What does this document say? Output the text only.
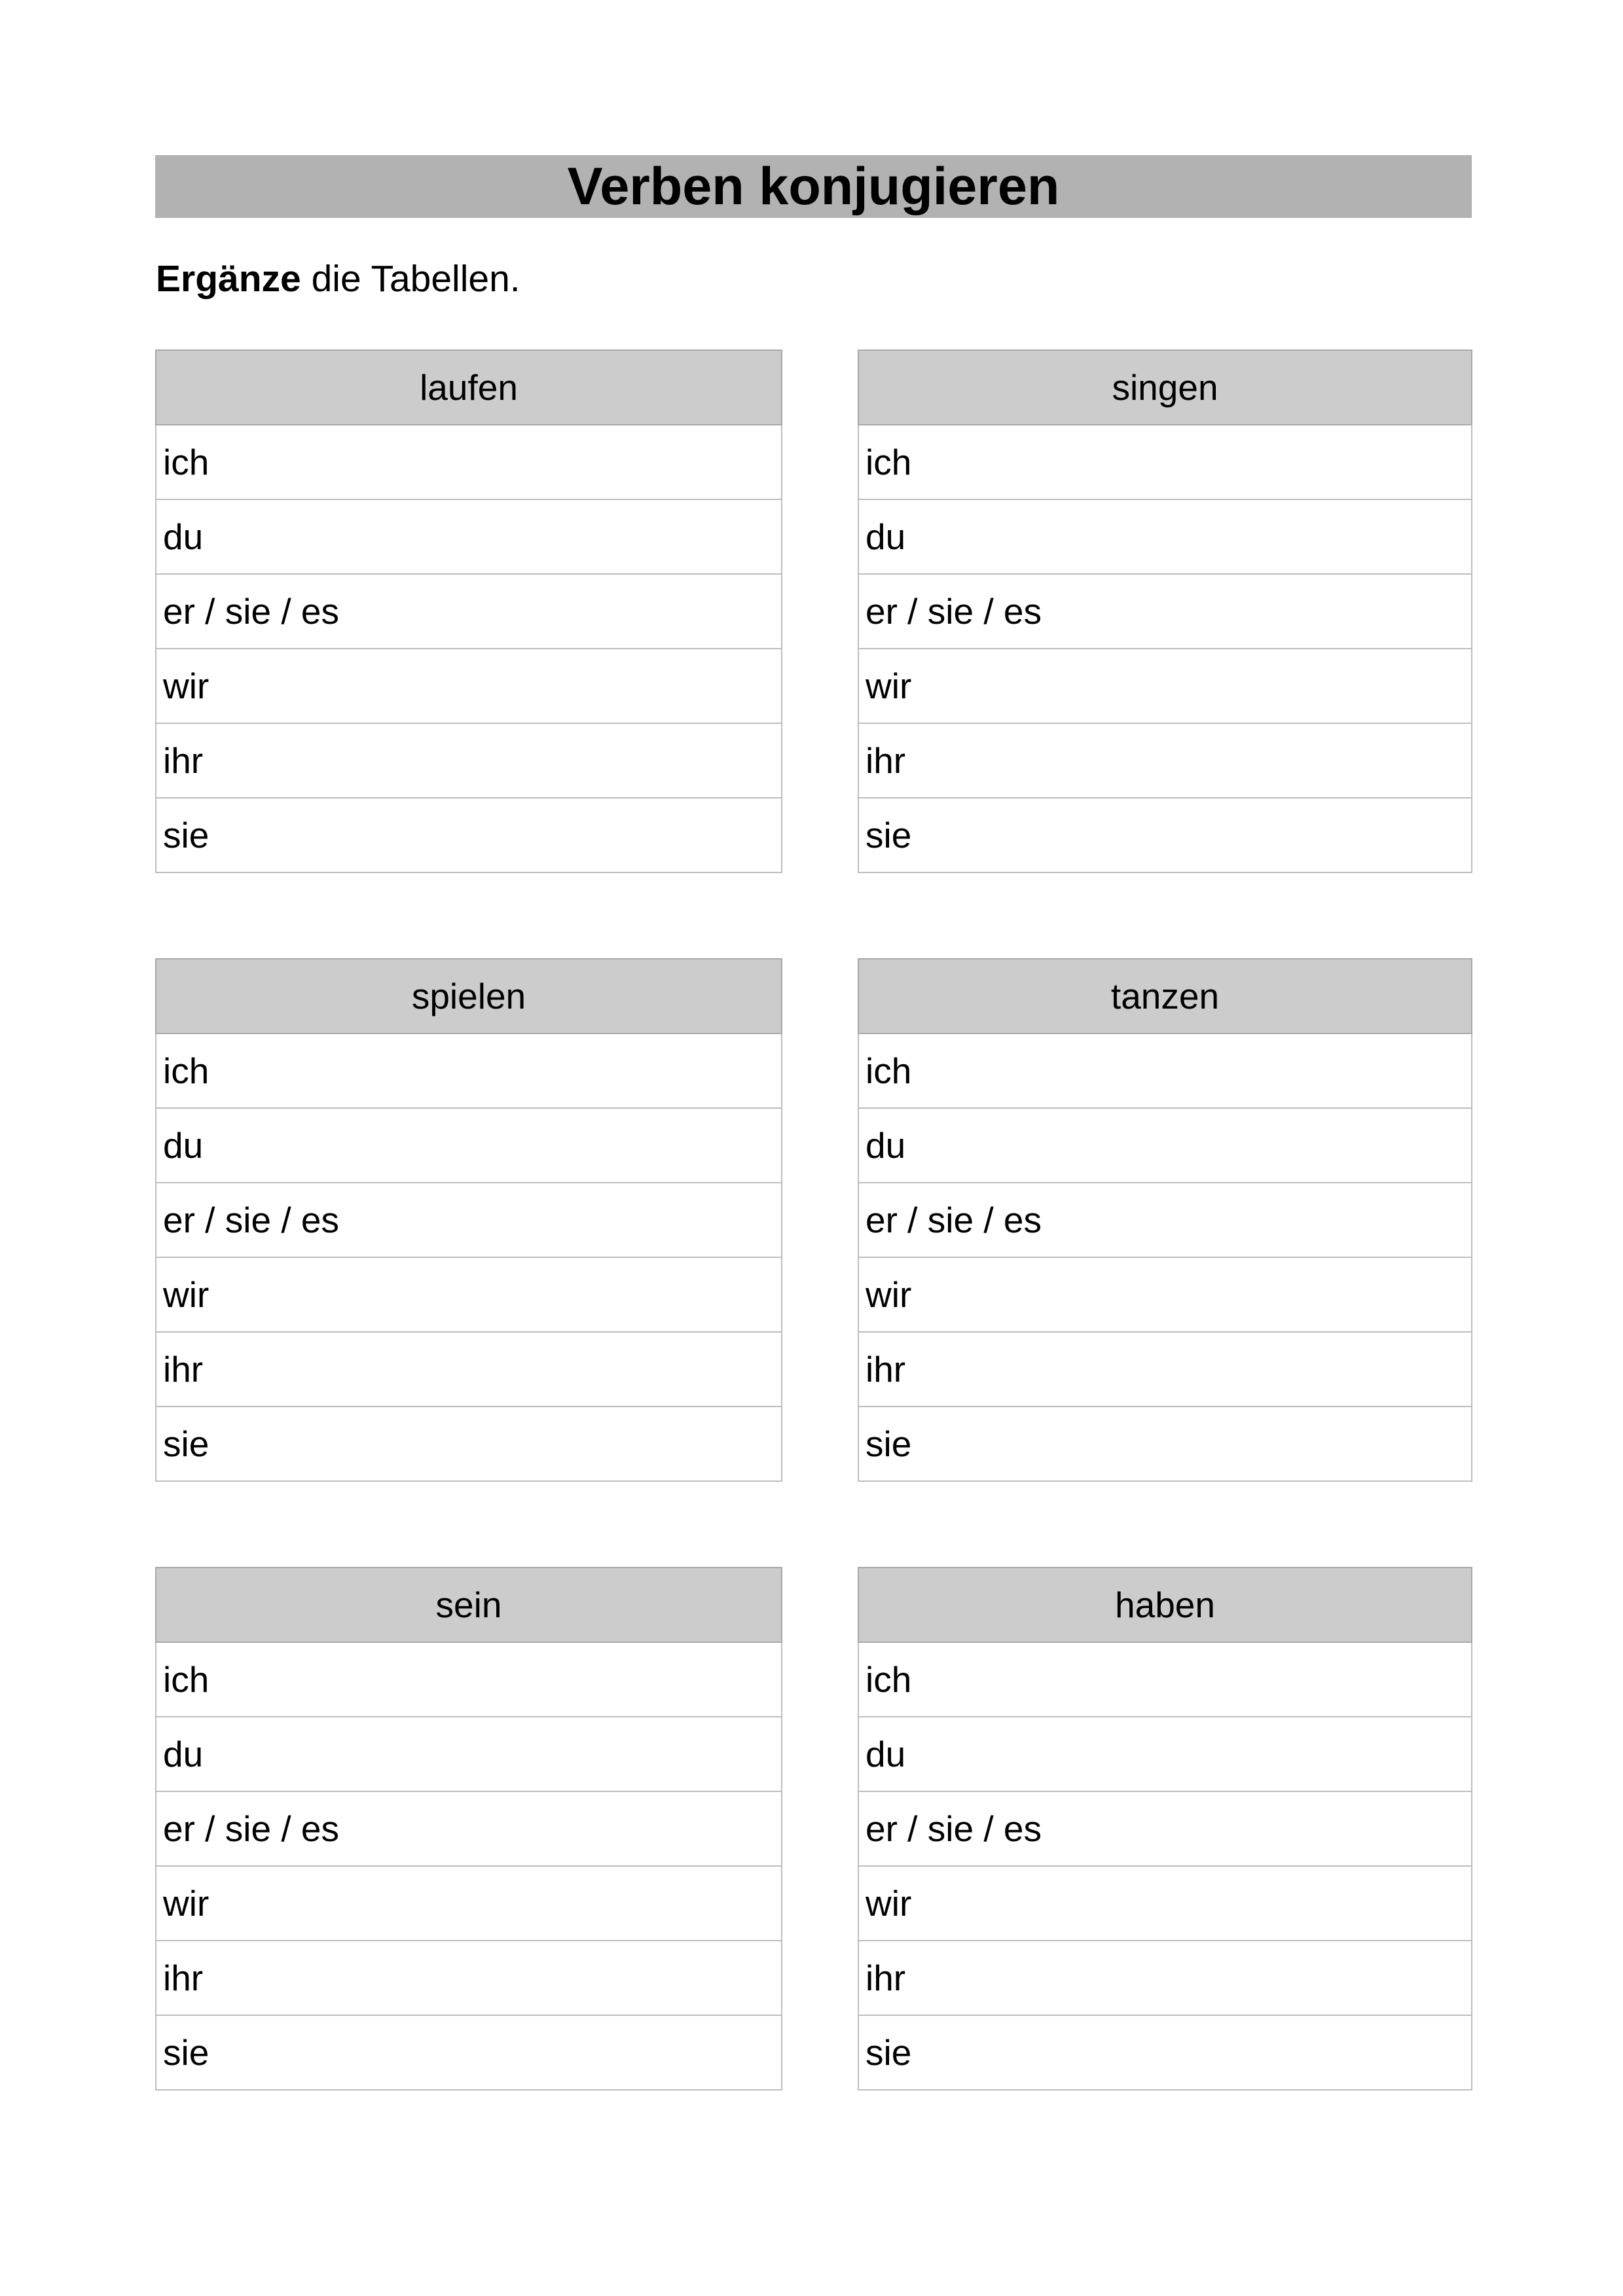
Verben konjugieren
Ergänze die Tabellen.
laufen
ich
du
er / sie / es
wir
ihr
sie
singen
ich
du
er / sie / es
wir
ihr
sie
spielen
ich
du
er / sie / es
wir
ihr
sie
tanzen
ich
du
er / sie / es
wir
ihr
sie
sein
ich
du
er / sie / es
wir
ihr
sie
haben
ich
du
er / sie / es
wir
ihr
sie
